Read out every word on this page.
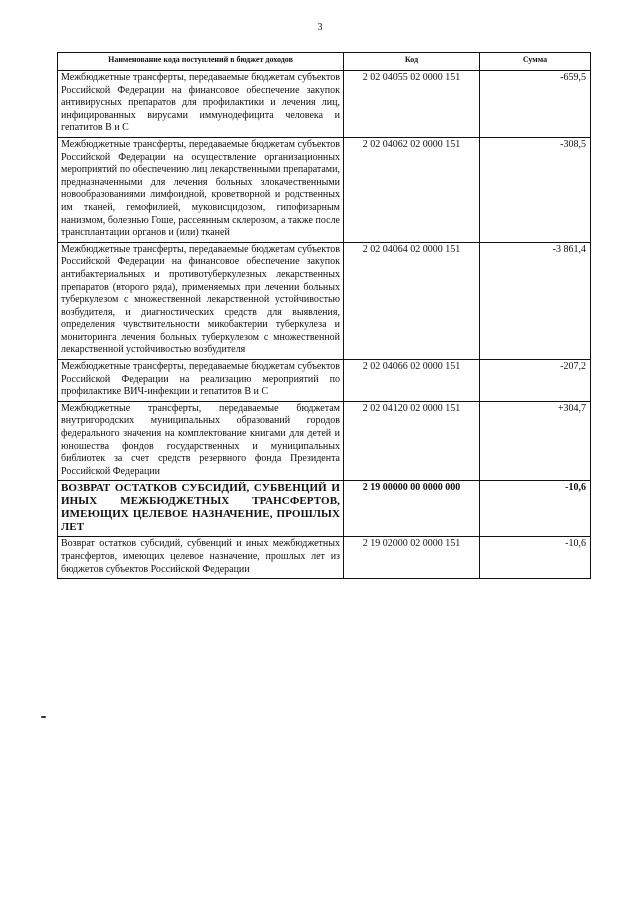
3
Наименование кода поступлений в бюджет доходов	Код	Сумма
Межбюджетные трансферты, передаваемые бюджетам субъектов Российской Федерации на финансовое обеспечение закупок антивирусных препаратов для профилактики и лечения лиц, инфицированных вирусами иммунодефицита человека и гепатитов В и С	2 02 04055 02 0000 151	-659,5
Межбюджетные трансферты, передаваемые бюджетам субъектов Российской Федерации на осуществление организационных мероприятий по обеспечению лиц лекарственными препаратами, предназначенными для лечения больных злокачественными новообразованиями лимфоидной, кроветворной и родственных им тканей, гемофилией, муковисцидозом, гипофизарным нанизмом, болезнью Гоше, рассеянным склерозом, а также после трансплантации органов и (или) тканей	2 02 04062 02 0000 151	-308,5
Межбюджетные трансферты, передаваемые бюджетам субъектов Российской Федерации на финансовое обеспечение закупок антибактериальных и противотуберкулезных лекарственных препаратов (второго ряда), применяемых при лечении больных туберкулезом с множественной лекарственной устойчивостью возбудителя, и диагностических средств для выявления, определения чувствительности микобактерии туберкулеза и мониторинга лечения больных туберкулезом с множественной лекарственной устойчивостью возбудителя	2 02 04064 02 0000 151	-3 861,4
Межбюджетные трансферты, передаваемые бюджетам субъектов Российской Федерации на реализацию мероприятий по профилактике ВИЧ-инфекции и гепатитов В и С	2 02 04066 02 0000 151	-207,2
Межбюджетные трансферты, передаваемые бюджетам внутригородских муниципальных образований городов федерального значения на комплектование книгами для детей и юношества фондов государственных и муниципальных библиотек за счет средств резервного фонда Президента Российской Федерации	2 02 04120 02 0000 151	+304,7
ВОЗВРАТ ОСТАТКОВ СУБСИДИЙ, СУБВЕНЦИЙ И ИНЫХ МЕЖБЮДЖЕТНЫХ ТРАНСФЕРТОВ, ИМЕЮЩИХ ЦЕЛЕВОЕ НАЗНАЧЕНИЕ, ПРОШЛЫХ ЛЕТ	2 19 00000 00 0000 000	-10,6
Возврат остатков субсидий, субвенций и иных межбюджетных трансфертов, имеющих целевое назначение, прошлых лет из бюджетов субъектов Российской Федерации	2 19 02000 02 0000 151	-10,6
